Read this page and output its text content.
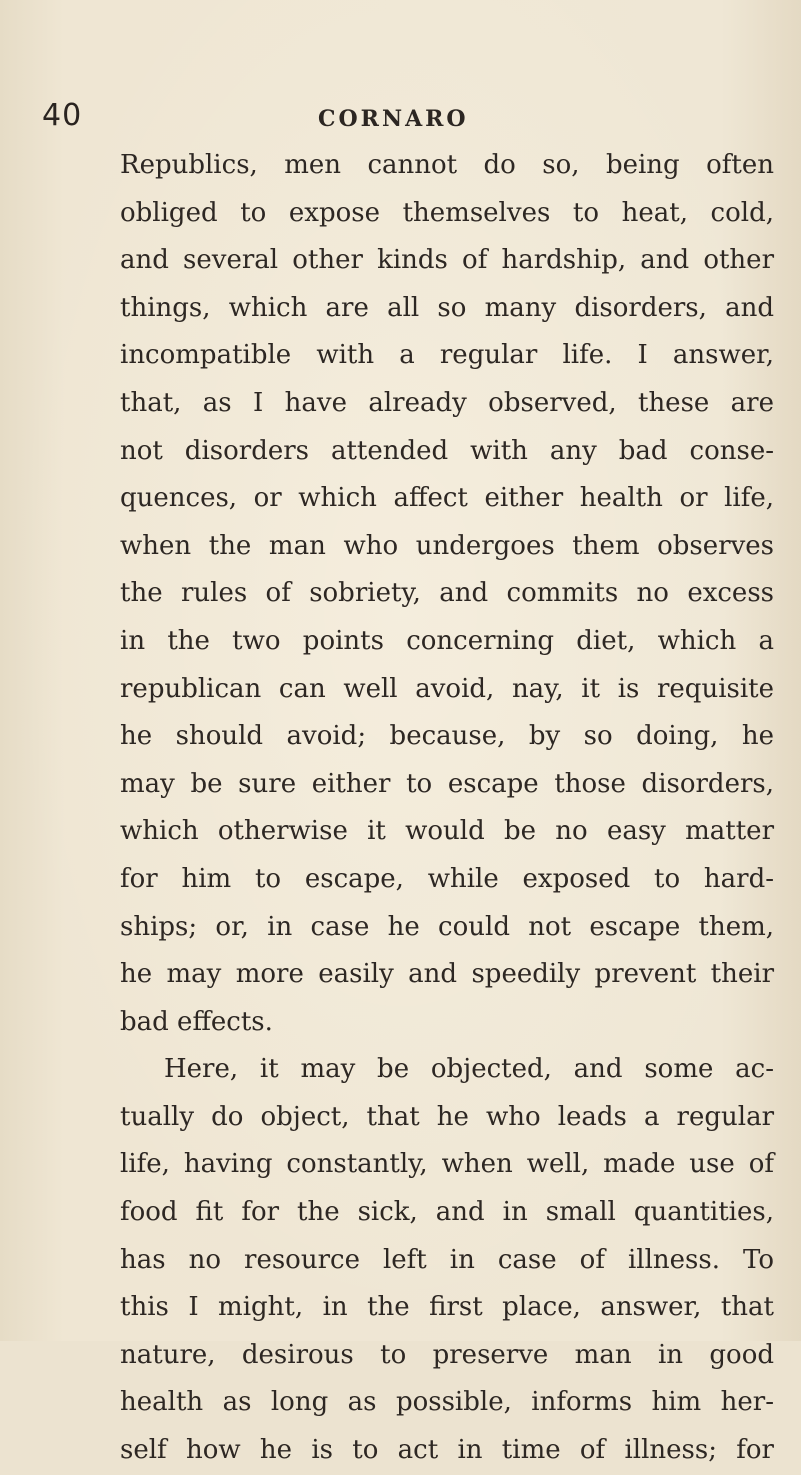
40	CORNARO
Republics, men cannot do so, being often
obliged to expose themselves to heat, cold,
and several other kinds of hardship, and other
things, which are all so many disorders, and
incompatible with a regular life. I answer,
that, as I have already observed, these are
not disorders attended with any bad conse-
quences, or which affect either health or life,
when the man who undergoes them observes
the rules of sobriety, and commits no excess
in the two points concerning diet, which a
republican can well avoid, nay, it is requisite
he should avoid; because, by so doing, he
may be sure either to escape those disorders,
which otherwise it would be no easy matter
for him to escape, while exposed to hard-
ships; or, in case he could not escape them,
he may more easily and speedily prevent their
bad effects.
Here, it may be objected, and some ac-
tually do object, that he who leads a regular
life, having constantly, when well, made use of
food fit for the sick, and in small quantities,
has no resource left in case of illness. To
this I might, in the first place, answer, that
nature, desirous to preserve man in good
health as long as possible, informs him her-
self how he is to act in time of illness; for
